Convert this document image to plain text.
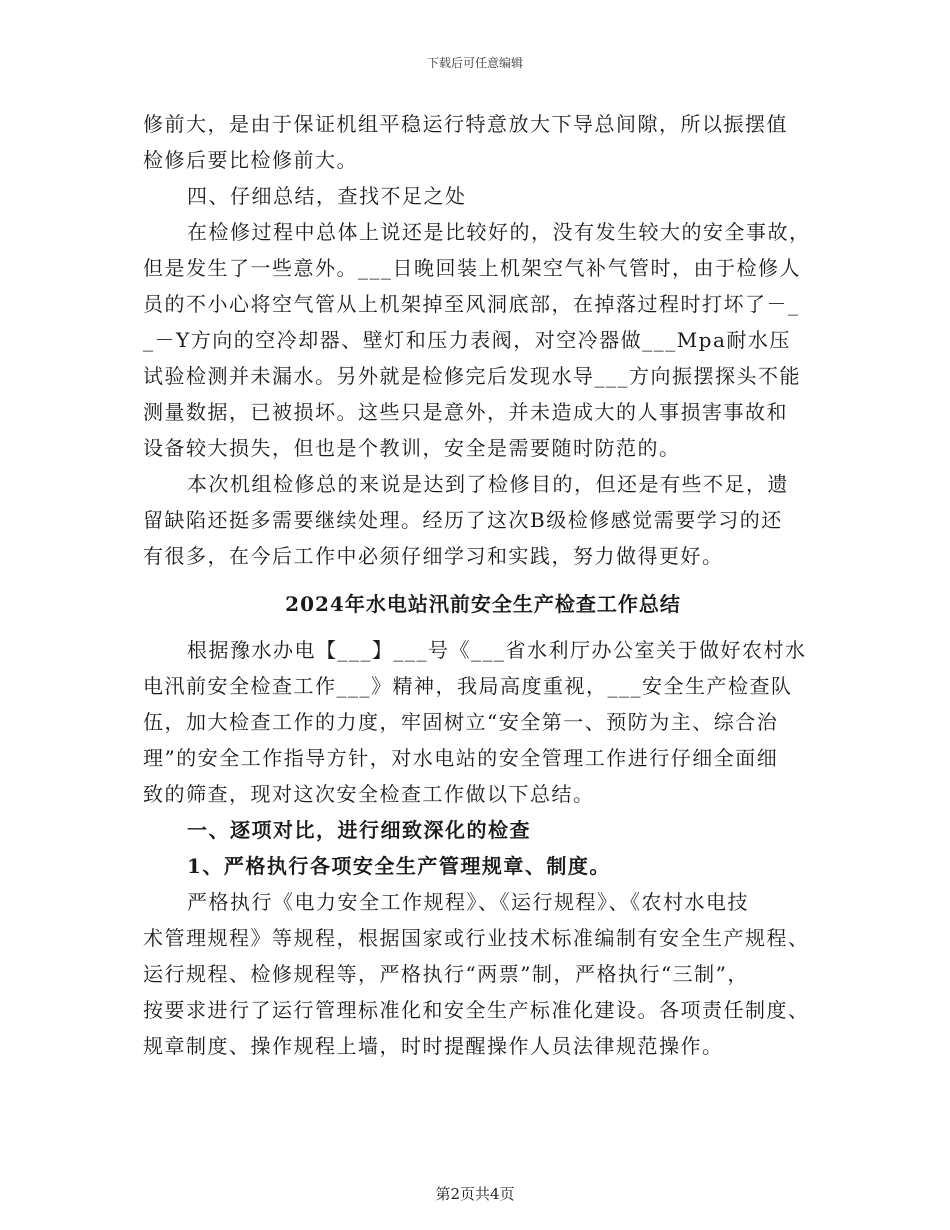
下载后可任意编辑
修前大，是由于保证机组平稳运行特意放大下导总间隙，所以振摆值
检修后要比检修前大。
四、仔细总结，查找不足之处
在检修过程中总体上说还是比较好的，没有发生较大的安全事故，
但是发生了一些意外。___日晚回装上机架空气补气管时，由于检修人
员的不小心将空气管从上机架掉至风洞底部，在掉落过程时打坏了－_
_－Y方向的空冷却器、壁灯和压力表阀，对空冷器做___Mpa耐水压
试验检测并未漏水。另外就是检修完后发现水导___方向振摆探头不能
测量数据，已被损坏。这些只是意外，并未造成大的人事损害事故和
设备较大损失，但也是个教训，安全是需要随时防范的。
本次机组检修总的来说是达到了检修目的，但还是有些不足，遗
留缺陷还挺多需要继续处理。经历了这次B级检修感觉需要学习的还
有很多，在今后工作中必须仔细学习和实践，努力做得更好。
2024年水电站汛前安全生产检查工作总结
根据豫水办电【___】___号《___省水利厅办公室关于做好农村水
电汛前安全检查工作___》精神，我局高度重视，___安全生产检查队
伍，加大检查工作的力度，牢固树立“安全第一、预防为主、综合治
理”的安全工作指导方针，对水电站的安全管理工作进行仔细全面细
致的筛查，现对这次安全检查工作做以下总结。
一、逐项对比，进行细致深化的检查
1、严格执行各项安全生产管理规章、制度。
严格执行《电力安全工作规程》、《运行规程》、《农村水电技
术管理规程》等规程，根据国家或行业技术标准编制有安全生产规程、
运行规程、检修规程等，严格执行“两票”制，严格执行“三制”，
按要求进行了运行管理标准化和安全生产标准化建设。各项责任制度、
规章制度、操作规程上墙，时时提醒操作人员法律规范操作。
第2页共4页
